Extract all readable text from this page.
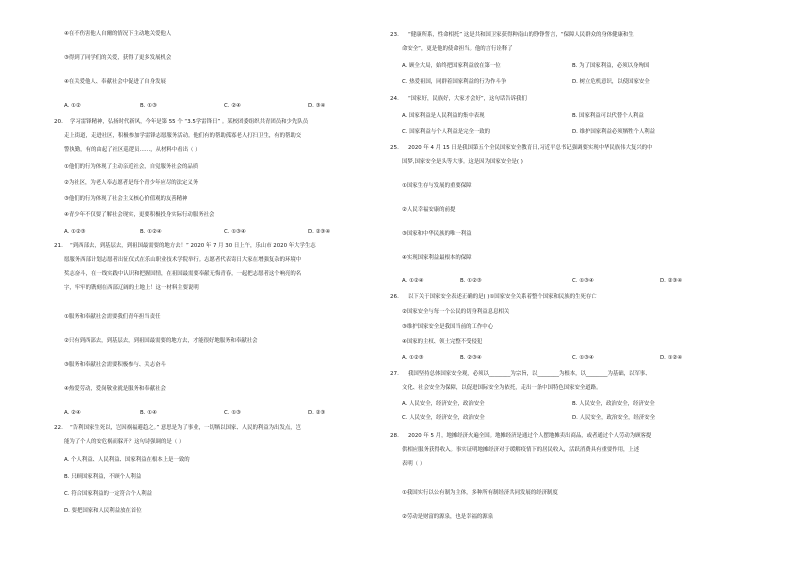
④在不伤害他人自爾的情况下主动地关爱他人
③得到了同学们的关爱，获得了更多发展机会
④在关爱他人、奉献社会中促进了自身发展
A. ①②	B. ①③	C. ②④	D. ③④
20. 学习雷锋精神，弘扬时代新风，今年是第 55 个 “3.5学雷锋日” 。某校团委组织共青团员和少先队员
走上街道，走进社区，积极参加学雷锋志愿服务活动。他们有的帮助孤寡老人打扫卫生，有的帮助交
警执勤，有的由起了社区巡逻员……，从材料中看出（ ）
①他们的行为体现了主动亲近社会，自觉服务社会的品质
②为社区，为老人奉志愿者是每个青少年应尽的法定义务
③他们的行为体现了社会主义核心价值观的友善精神
④青少年不仅要了解社会现实，更要积极投身实际行动服务社会
A. ①②③	B. ①②④	C. ①③④	D. ②③④
21. “到西部去，到基层去，到祖国最需要的地方去！” 2020 年 7 月 30 日上午，乐山市 2020 年大学生志
愿服务西部计划志愿者出征仪式在乐山职业技术学院举行。志愿者代表寄日大家在增强复杂的环境中
奖志奋斗，在一线实践中认识和把握国情，在祖国最需要奉献无悔青春，一起把志愿者这个响亮的名
字，牢牢的镌刻在西部辽阔的土地上！这一材料主要说明
①服务和奉献社会需要我们青年担当责任
②只有到西部去，到基层去，到祖国最需要的地方去，才能很好地服务和奉献社会
③服务和奉献社会需要积极参与、关志奋斗
④热爱劳动，爱岗敬业就是服务和奉献社会
A. ②④	B. ①④	C. ①③	D. ②③
22. “告利国家生死以，岂因祸福避趋之。” 意思是为了事业，一切牺以国家、人民的利益为出发点，岂
能为了个人的安危祸而躲开？这句诗强调的是（ ）
A. 个人利益、人民利益、国家利益在根本上是一致的
B. 只顾国家利益，不顾个人利益
C. 符合国家利益的一定符合个人利益
D. 要把国家和人民利益放在首位
23. “健康所系，性命相托” 这是共和国卫家获得种南山的铮铮誓言，“保障人民群众的身体健康和生
命安全”，更是他的使命担当。他的言行诠释了
A. 顾全大局，始终把国家利益放在第一位	B. 为了国家利益，必须以身殉国
C. 热爱祖国，同群着国家利益的行为作斗争	D. 树立危机意识，以使国家安全
24. “国家好，民族好，大家才会好”，这句话告诉我们
A. 国家利益是人民利益的集中表现	B. 国家利益可以代替个人利益
C. 国家利益与个人利益是完全一致的	D. 维护国家利益必须牺牲个人利益
25. 2020 年 4 月 15 日是我国第五个全民国家安全教育日,习近平总书记强调要实现中华民族伟大复兴的中
国梦,国家安全是头等大事。这是因为国家安全是( )
①国家生存与发展的重要保障
②人民幸福安康的前提
③国家和中华民族的唯一利益
④实现国家利益最根本的保障
A. ①②④	B. ①②③	C. ①③④	D. ②③④
26. 以下关于国家安全表述正确的是( )①国家安全关系着整个国家和民族的生死存亡
②国家安全与每一个公民的切身利益息息相关
③维护国家安全是我国当前的工作中心
④国家的主权、领土完整不受侵犯
A. ①②③	B. ②③④	C. ①③④	D. ①②④
27. 我国坚持总体国家安全观，必须以________为宗旨，以________为根本，以________为基础，以军事、
文化、社会安全为保障，以促进国际安全为依托，走出一条中国特色国家安全道路。
A. 人民安全，经济安全，政治安全	B. 人民安全，政治安全，经济安全
C. 人民安全，经济安全，政治安全	D. 人民安全，政治安全，经济安全
28. 2020 年 5 月，地摊经济火遍全国。地摊经济是通过个人摆地摊卖出商品，或者通过个人劳动为顾客提
供相应服务获得收入。事实证明地摊经济对于缓解疫情下的居民收入，活跃消费具有重要作用，上述
表明（ ）
①我国实行以公有制为主体，多种所有制经济共同发展的经济制度
②劳动是财富的源泉，也是幸福的源泉
